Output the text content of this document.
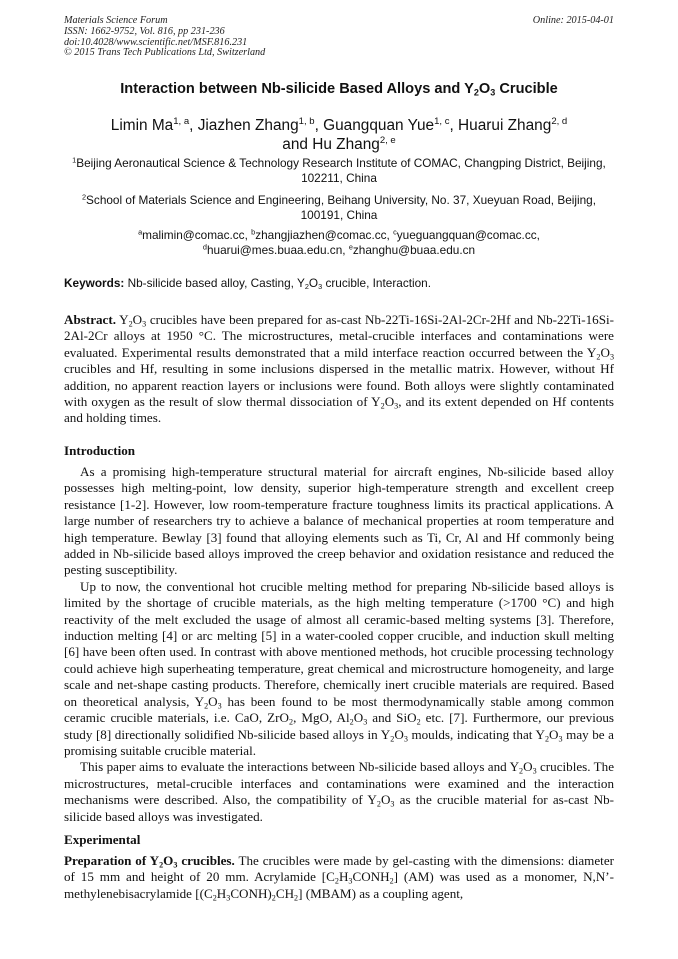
Materials Science Forum
ISSN: 1662-9752, Vol. 816, pp 231-236
doi:10.4028/www.scientific.net/MSF.816.231
© 2015 Trans Tech Publications Ltd, Switzerland
Online: 2015-04-01
Interaction between Nb-silicide Based Alloys and $Y_2O_3$ Crucible
Limin Ma$^{1, a}$, Jiazhen Zhang$^{1, b}$, Guangquan Yue$^{1, c}$, Huarui Zhang$^{2, d}$
and Hu Zhang$^{2, e}$
$^1$Beijing Aeronautical Science & Technology Research Institute of COMAC, Changping District, Beijing, 102211, China
$^2$School of Materials Science and Engineering, Beihang University, No. 37, Xueyuan Road, Beijing, 100191, China
$^a$malimin@comac.cc, $^b$zhangjiazhen@comac.cc, $^c$yueguangquan@comac.cc,
$^d$huarui@mes.buaa.edu.cn, $^e$zhanghu@buaa.edu.cn
Keywords: Nb-silicide based alloy, Casting, $Y_2O_3$ crucible, Interaction.

Abstract. $Y_2O_3$ crucibles have been prepared for as-cast Nb-22Ti-16Si-2Al-2Cr-2Hf and Nb-22Ti-16Si-2Al-2Cr alloys at 1950 °C. The microstructures, metal-crucible interfaces and contaminations were evaluated. Experimental results demonstrated that a mild interface reaction occurred between the $Y_2O_3$ crucibles and Hf, resulting in some inclusions dispersed in the metallic matrix. However, without Hf addition, no apparent reaction layers or inclusions were found. Both alloys were slightly contaminated with oxygen as the result of slow thermal dissociation of $Y_2O_3$, and its extent depended on Hf contents and holding times.

Introduction

As a promising high-temperature structural material for aircraft engines, Nb-silicide based alloy possesses high melting-point, low density, superior high-temperature strength and excellent creep resistance [1-2]. However, low room-temperature fracture toughness limits its practical applications. A large number of researchers try to achieve a balance of mechanical properties at room temperature and high temperature. Bewlay [3] found that alloying elements such as Ti, Cr, Al and Hf commonly being added in Nb-silicide based alloys improved the creep behavior and oxidation resistance and reduced the pesting susceptibility.

Up to now, the conventional hot crucible melting method for preparing Nb-silicide based alloys is limited by the shortage of crucible materials, as the high melting temperature (>1700 °C) and high reactivity of the melt excluded the usage of almost all ceramic-based melting systems [3]. Therefore, induction melting [4] or arc melting [5] in a water-cooled copper crucible, and induction skull melting [6] have been often used. In contrast with above mentioned methods, hot crucible processing technology could achieve high superheating temperature, great chemical and microstructure homogeneity, and large scale and net-shape casting products. Therefore, chemically inert crucible materials are required. Based on theoretical analysis, $Y_2O_3$ has been found to be most thermodynamically stable among common ceramic crucible materials, i.e. CaO, ZrO$_2$, MgO, $Al_2O_3$ and SiO$_2$ etc. [7]. Furthermore, our previous study [8] directionally solidified Nb-silicide based alloys in $Y_2O_3$ moulds, indicating that $Y_2O_3$ may be a promising suitable crucible material.

This paper aims to evaluate the interactions between Nb-silicide based alloys and $Y_2O_3$ crucibles. The microstructures, metal-crucible interfaces and contaminations were examined and the interaction mechanisms were described. Also, the compatibility of $Y_2O_3$ as the crucible material for as-cast Nb-silicide based alloys was investigated.

Experimental

Preparation of $Y_2O_3$ crucibles. The crucibles were made by gel-casting with the dimensions: diameter of 15 mm and height of 20 mm. Acrylamide $[C_2H_3CONH_2]$ (AM) was used as a monomer, N,N’-methylenebisacrylamide $[(C_2H_3CONH)_2CH_2]$ (MBAM) as a coupling agent,
